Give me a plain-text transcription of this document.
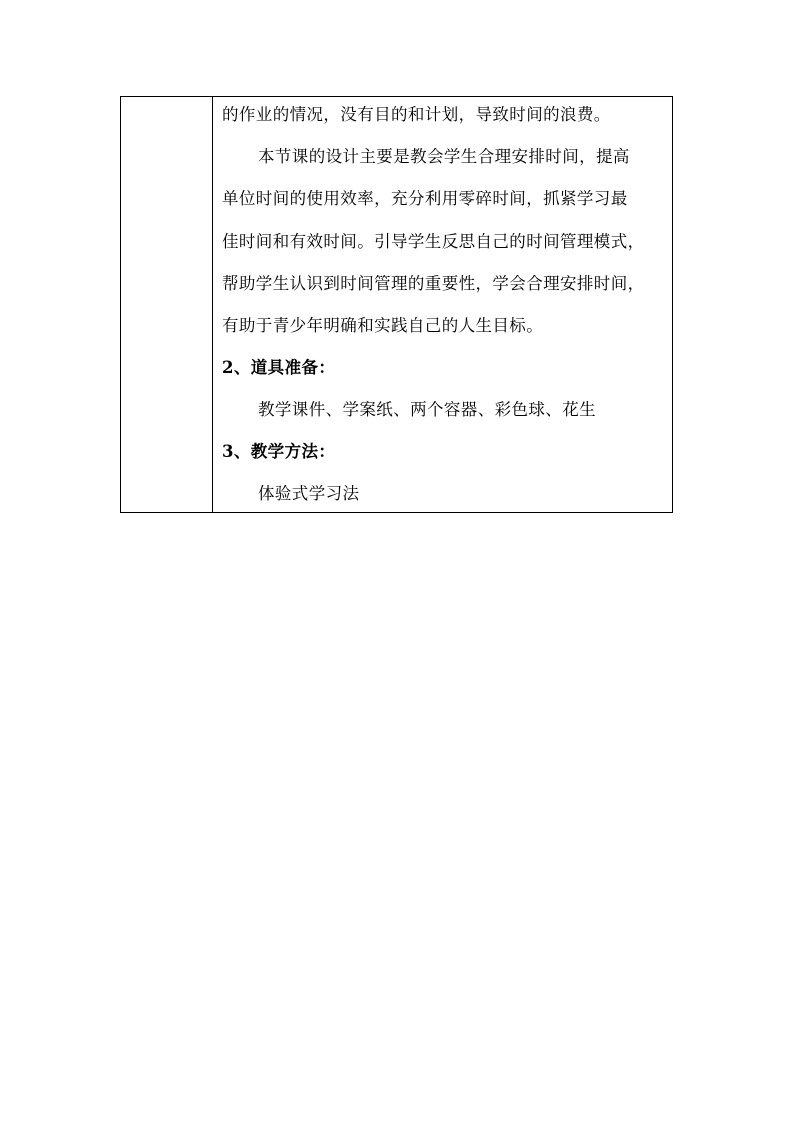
的作业的情况，没有目的和计划，导致时间的浪费。
本节课的设计主要是教会学生合理安排时间，提高
单位时间的使用效率，充分利用零碎时间，抓紧学习最
佳时间和有效时间。引导学生反思自己的时间管理模式，
帮助学生认识到时间管理的重要性，学会合理安排时间，
有助于青少年明确和实践自己的人生目标。
2、道具准备：
教学课件、学案纸、两个容器、彩色球、花生
3、教学方法：
体验式学习法
